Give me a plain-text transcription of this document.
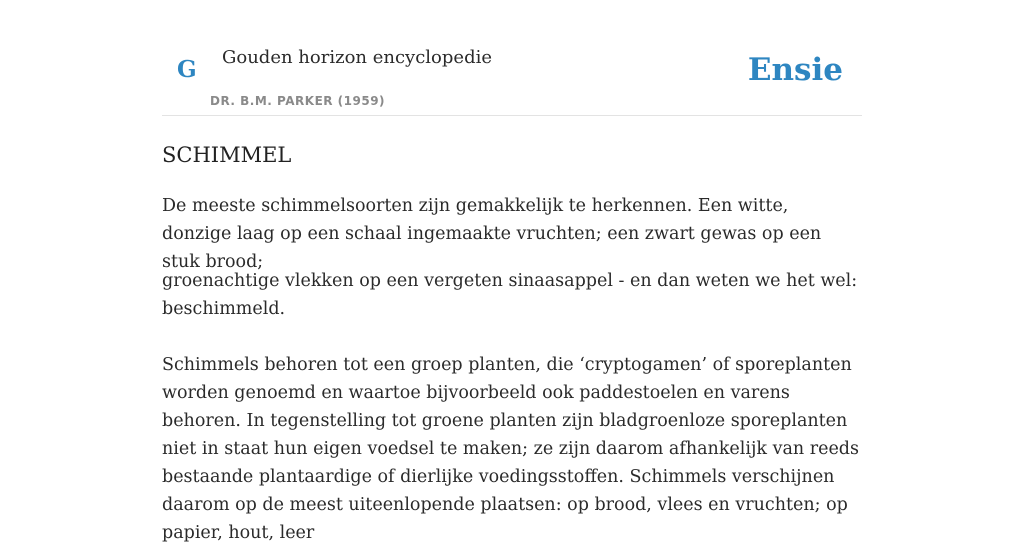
G Gouden horizon encyclopedie
DR. B.M. PARKER (1959)
Ensie
SCHIMMEL

De meeste schimmelsoorten zijn gemakkelijk te herkennen. Een witte, donzige laag op een schaal ingemaakte vruchten; een zwart gewas op een stuk brood;

groenachtige vlekken op een vergeten sinaasappel - en dan weten we het wel: beschimmeld.

Schimmels behoren tot een groep planten, die ‘cryptogamen’ of sporeplanten worden genoemd en waartoe bijvoorbeeld ook paddestoelen en varens behoren. In tegenstelling tot groene planten zijn bladgroenloze sporeplanten niet in staat hun eigen voedsel te maken; ze zijn daarom afhankelijk van reeds bestaande plantaardige of dierlijke voedingsstoffen. Schimmels verschijnen daarom op de meest uiteenlopende plaatsen: op brood, vlees en vruchten; op papier, hout, leer
